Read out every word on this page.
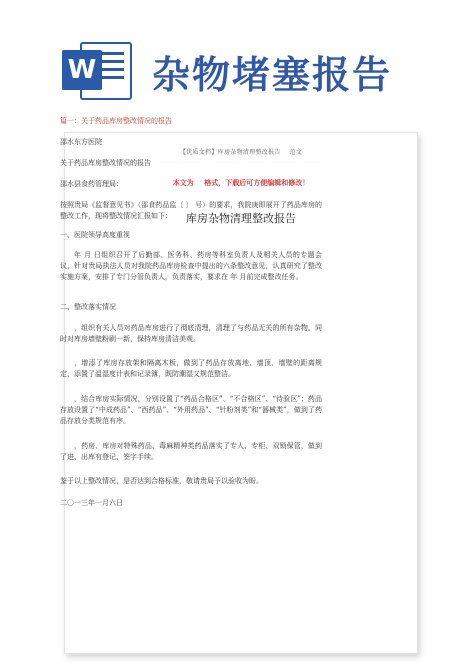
W 杂物堵塞报告
【优质文档】库房杂物清理整改报告 范文
· · · · · · · · · · · · · · · · · · · · · · · · · · · · · · · · · · · · · · · · · · · · · · · · · · · · · · · · · · · · · · · · · · · · · ·
本文为 格式，下载后可方便编辑和修改！
库房杂物清理整改报告
篇一：关于药品库房整改情况的报告
邵水东方医院
关于药品库房整改情况的报告
邵水县食药管理局：
按照贵局《监督意见书》（邵食药品监〔 〕 号）的要求，我院庚即展开了药品库房的整改工作，现将整改情况汇报如下：
一、医院领导高度重视
年 月 日组织召开了后勤部、医务科、药房等科室负责人及相关人员的专题会议，针对贵局执法人员对我院药品库房检查中提出的六条整改意见，认真研究了整改实施方案，安排了专门分管负责人，负责落实，要求在 年 月前完成整改任务。
二、整改落实情况
，组织有关人员对药品库房进行了彻底清理，清理了与药品无关的所有杂物。同时对库房墙壁粉刷一新，保持库房清洁美观。
，增添了库房存放架和隔离木板，做到了药品存放离地、墙顶、墙壁的距离规定，添置了温湿度计表和记录簿，既防潮湿又规范整洁。
，结合库房实际情况，分别设置了“药品合格区”、“不合格区”、“待验区”；药品存放设置了“中成药品”、“西药品”、“外用药品”、“针粉剂类”和“器械类”，做到了药品存放分类规范有序。
，药房、库房对特殊药品、毒麻精神类药品落实了专人、专柜、双锁保管，做到了进、出库有登记、签字手续。
鉴于以上整改情况，是否达到合格标准，敬请贵局予以验收为盼。
二〇一三年一月六日
